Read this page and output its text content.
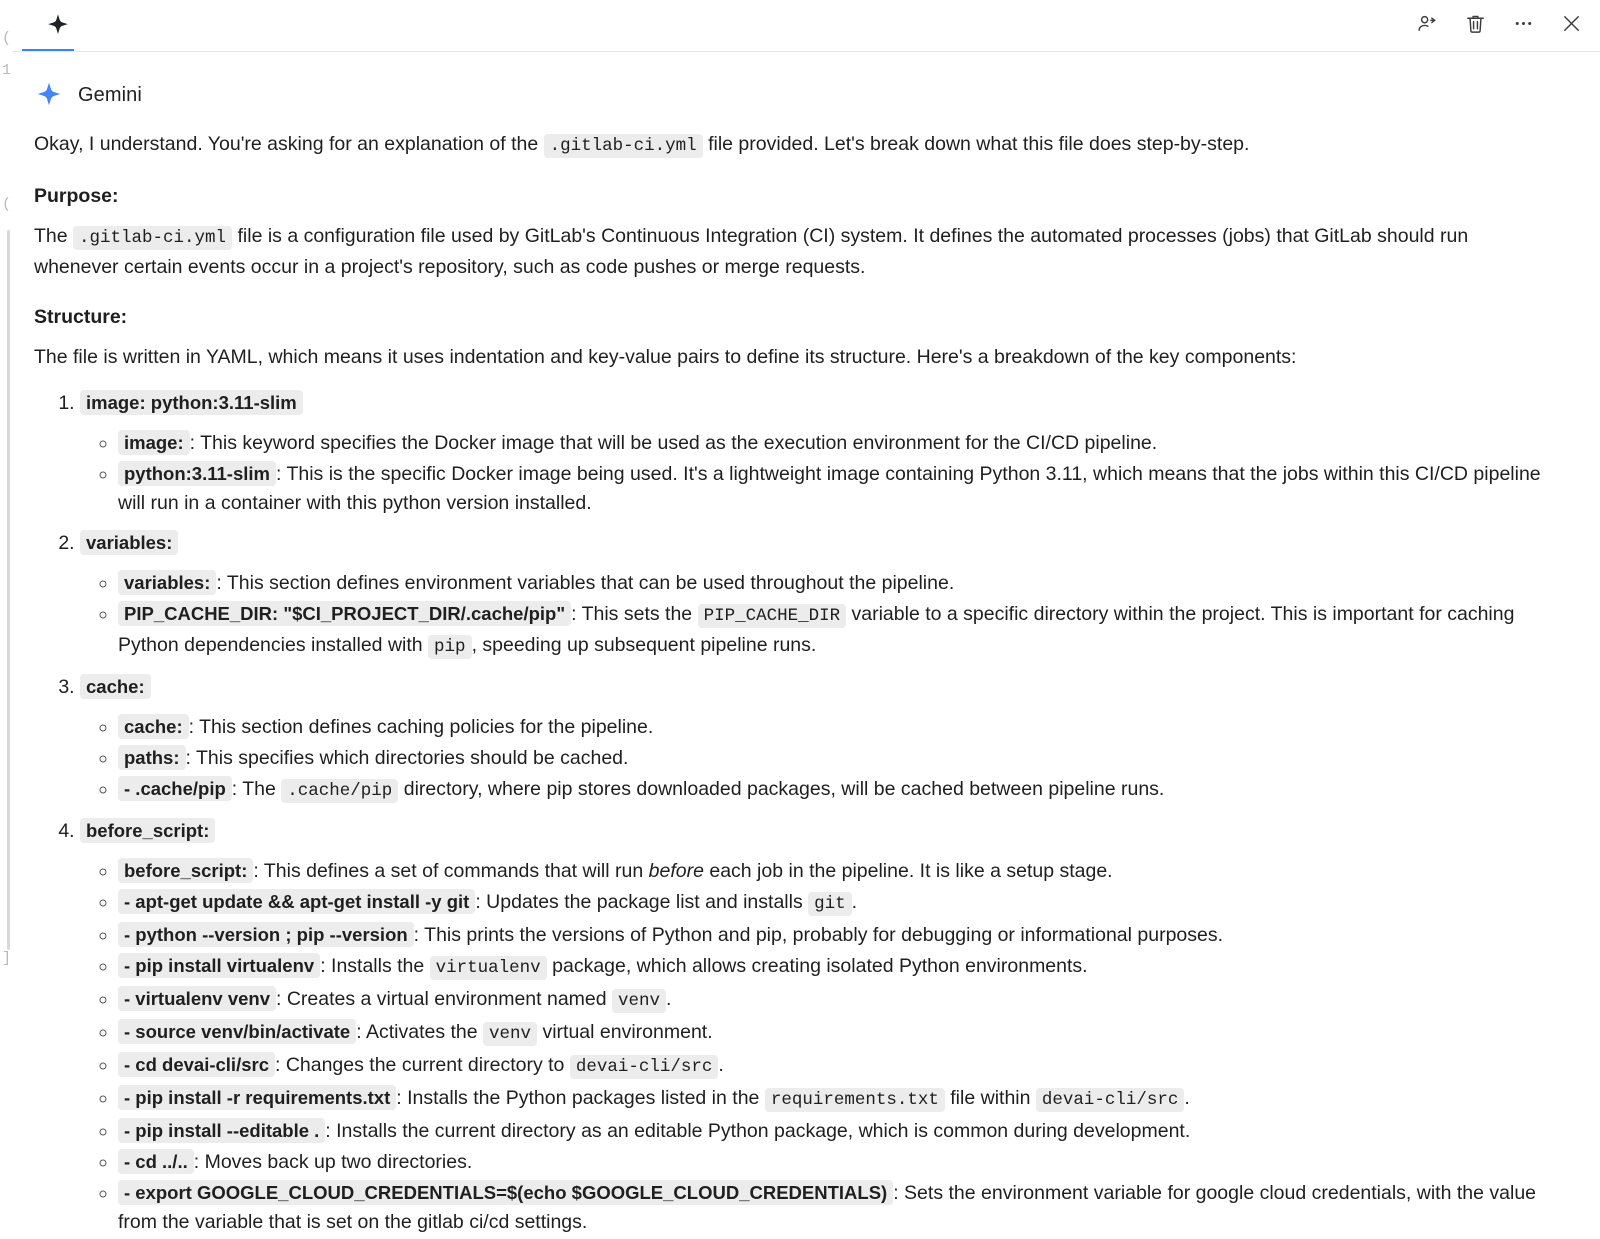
(
1
(
]
Gemini

Okay, I understand. You're asking for an explanation of the .gitlab-ci.yml file provided. Let's break down what this file does step-by-step.

Purpose:

The .gitlab-ci.yml file is a configuration file used by GitLab's Continuous Integration (CI) system. It defines the automated processes (jobs) that GitLab should run whenever certain events occur in a project's repository, such as code pushes or merge requests.

Structure:

The file is written in YAML, which means it uses indentation and key-value pairs to define its structure. Here's a breakdown of the key components:

1. image: python:3.11-slim
◦ image: : This keyword specifies the Docker image that will be used as the execution environment for the CI/CD pipeline.
◦ python:3.11-slim : This is the specific Docker image being used. It's a lightweight image containing Python 3.11, which means that the jobs within this CI/CD pipeline will run in a container with this python version installed.
2. variables:
◦ variables: : This section defines environment variables that can be used throughout the pipeline.
◦ PIP_CACHE_DIR: "$CI_PROJECT_DIR/.cache/pip" : This sets the PIP_CACHE_DIR variable to a specific directory within the project. This is important for caching Python dependencies installed with pip , speeding up subsequent pipeline runs.
3. cache:
◦ cache: : This section defines caching policies for the pipeline.
◦ paths: : This specifies which directories should be cached.
◦ - .cache/pip : The .cache/pip directory, where pip stores downloaded packages, will be cached between pipeline runs.
4. before_script:
◦ before_script: : This defines a set of commands that will run before each job in the pipeline. It is like a setup stage.
◦ - apt-get update && apt-get install -y git : Updates the package list and installs git .
◦ - python --version ; pip --version : This prints the versions of Python and pip, probably for debugging or informational purposes.
◦ - pip install virtualenv : Installs the virtualenv package, which allows creating isolated Python environments.
◦ - virtualenv venv : Creates a virtual environment named venv .
◦ - source venv/bin/activate : Activates the venv virtual environment.
◦ - cd devai-cli/src : Changes the current directory to devai-cli/src .
◦ - pip install -r requirements.txt : Installs the Python packages listed in the requirements.txt file within devai-cli/src .
◦ - pip install --editable . : Installs the current directory as an editable Python package, which is common during development.
◦ - cd ../.. : Moves back up two directories.
◦ - export GOOGLE_CLOUD_CREDENTIALS=$(echo $GOOGLE_CLOUD_CREDENTIALS) : Sets the environment variable for google cloud credentials, with the value from the variable that is set on the gitlab ci/cd settings.
